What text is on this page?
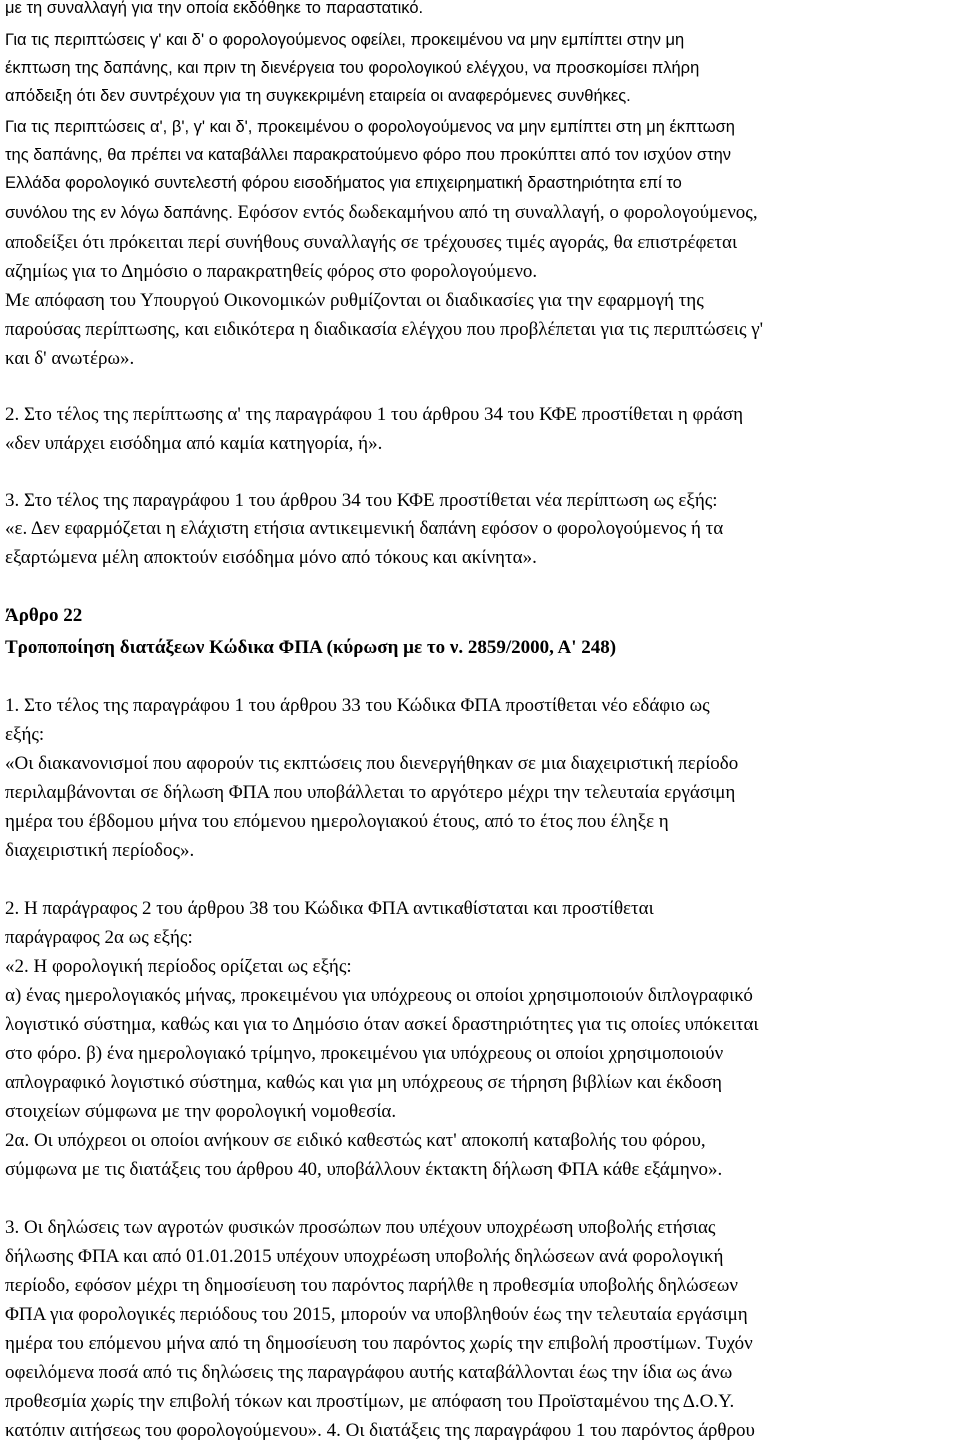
με τη συναλλαγή για την οποία εκδόθηκε το παραστατικό.
Για τις περιπτώσεις γ' και δ' ο φορολογούμενος οφείλει, προκειμένου να μην εμπίπτει στην μη
έκπτωση της δαπάνης, και πριν τη διενέργεια του φορολογικού ελέγχου, να προσκομίσει πλήρη
απόδειξη ότι δεν συντρέχουν για τη συγκεκριμένη εταιρεία οι αναφερόμενες συνθήκες.
Για τις περιπτώσεις α', β', γ' και δ', προκειμένου ο φορολογούμενος να μην εμπίπτει στη μη έκπτωση
της δαπάνης, θα πρέπει να καταβάλλει παρακρατούμενο φόρο που προκύπτει από τον ισχύον στην
Ελλάδα φορολογικό συντελεστή φόρου εισοδήματος για επιχειρηματική δραστηριότητα επί το
συνόλου της εν λόγω δαπάνης. Εφόσον εντός δωδεκαμήνου από τη συναλλαγή, ο φορολογούμενος,
αποδείξει ότι πρόκειται περί συνήθους συναλλαγής σε τρέχουσες τιμές αγοράς, θα επιστρέφεται
αζημίως για το Δημόσιο ο παρακρατηθείς φόρος στο φορολογούμενο.
Με απόφαση του Υπουργού Οικονομικών ρυθμίζονται οι διαδικασίες για την εφαρμογή της
παρούσας περίπτωσης, και ειδικότερα η διαδικασία ελέγχου που προβλέπεται για τις περιπτώσεις γ'
και δ' ανωτέρω».
2. Στο τέλος της περίπτωσης α' της παραγράφου 1 του άρθρου 34 του ΚΦΕ προστίθεται η φράση
«δεν υπάρχει εισόδημα από καμία κατηγορία, ή».
3. Στο τέλος της παραγράφου 1 του άρθρου 34 του ΚΦΕ προστίθεται νέα περίπτωση ως εξής:
«ε. Δεν εφαρμόζεται η ελάχιστη ετήσια αντικειμενική δαπάνη εφόσον ο φορολογούμενος ή τα
εξαρτώμενα μέλη αποκτούν εισόδημα μόνο από τόκους και ακίνητα».
Άρθρο 22
Τροποποίηση διατάξεων Κώδικα ΦΠΑ (κύρωση με το ν. 2859/2000, Α' 248)
1. Στο τέλος της παραγράφου 1 του άρθρου 33 του Κώδικα ΦΠΑ προστίθεται νέο εδάφιο ως
εξής:
«Οι διακανονισμοί που αφορούν τις εκπτώσεις που διενεργήθηκαν σε μια διαχειριστική περίοδο
περιλαμβάνονται σε δήλωση ΦΠΑ που υποβάλλεται το αργότερο μέχρι την τελευταία εργάσιμη
ημέρα του έβδομου μήνα του επόμενου ημερολογιακού έτους, από το έτος που έληξε η
διαχειριστική περίοδος».
2. Η παράγραφος 2 του άρθρου 38 του Κώδικα ΦΠΑ αντικαθίσταται και προστίθεται
παράγραφος 2α ως εξής:
«2. Η φορολογική περίοδος ορίζεται ως εξής:
α) ένας ημερολογιακός μήνας, προκειμένου για υπόχρεους οι οποίοι χρησιμοποιούν διπλογραφικό
λογιστικό σύστημα, καθώς και για το Δημόσιο όταν ασκεί δραστηριότητες για τις οποίες υπόκειται
στο φόρο. β) ένα ημερολογιακό τρίμηνο, προκειμένου για υπόχρεους οι οποίοι χρησιμοποιούν
απλογραφικό λογιστικό σύστημα, καθώς και για μη υπόχρεους σε τήρηση βιβλίων και έκδοση
στοιχείων σύμφωνα με την φορολογική νομοθεσία.
2α. Οι υπόχρεοι οι οποίοι ανήκουν σε ειδικό καθεστώς κατ' αποκοπή καταβολής του φόρου,
σύμφωνα με τις διατάξεις του άρθρου 40, υποβάλλουν έκτακτη δήλωση ΦΠΑ κάθε εξάμηνο».
3. Οι δηλώσεις των αγροτών φυσικών προσώπων που υπέχουν υποχρέωση υποβολής ετήσιας
δήλωσης ΦΠΑ και από 01.01.2015 υπέχουν υποχρέωση υποβολής δηλώσεων ανά φορολογική
περίοδο, εφόσον μέχρι τη δημοσίευση του παρόντος παρήλθε η προθεσμία υποβολής δηλώσεων
ΦΠΑ για φορολογικές περιόδους του 2015, μπορούν να υποβληθούν έως την τελευταία εργάσιμη
ημέρα του επόμενου μήνα από τη δημοσίευση του παρόντος χωρίς την επιβολή προστίμων. Τυχόν
οφειλόμενα ποσά από τις δηλώσεις της παραγράφου αυτής καταβάλλονται έως την ίδια ως άνω
προθεσμία χωρίς την επιβολή τόκων και προστίμων, με απόφαση του Προϊσταμένου της Δ.Ο.Υ.
κατόπιν αιτήσεως του φορολογούμενου». 4. Οι διατάξεις της παραγράφου 1 του παρόντος άρθρου
